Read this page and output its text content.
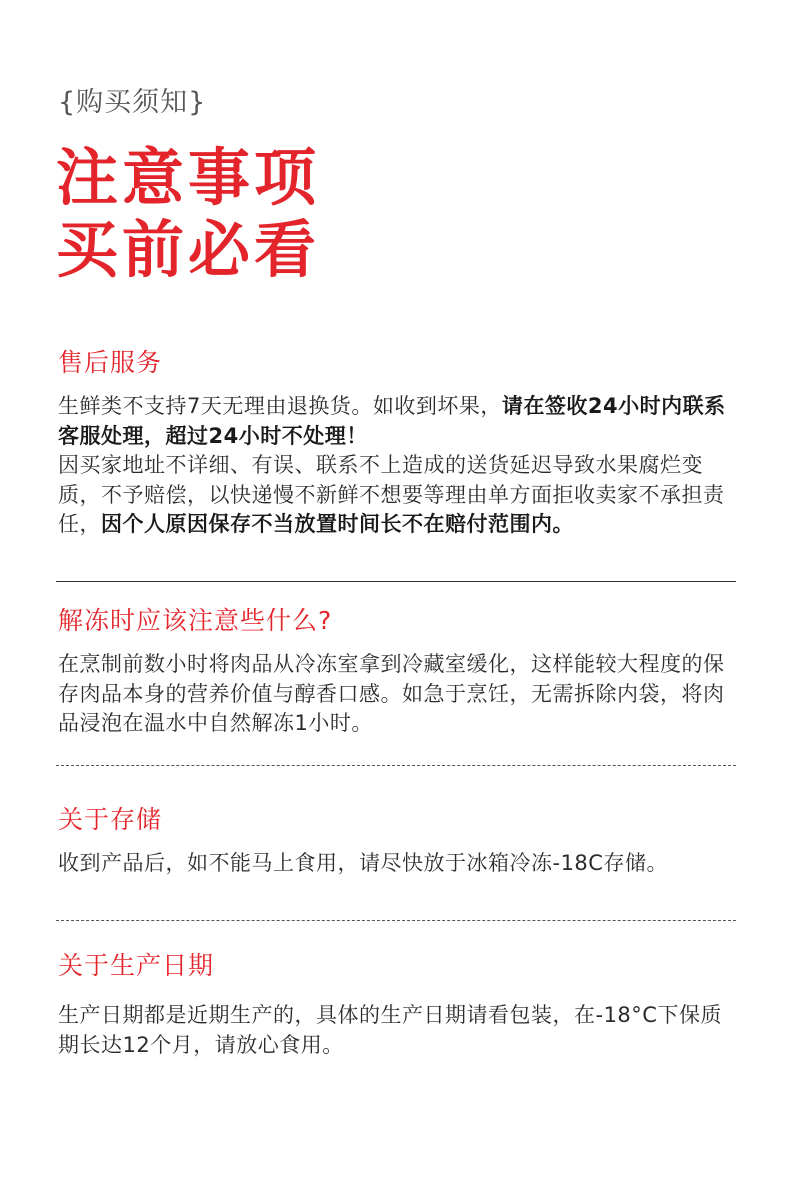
{购买须知}
注意事项
买前必看
售后服务

生鲜类不支持7天无理由退换货。如收到坏果，请在签收24小时内联系客服处理，超过24小时不处理！

因买家地址不详细、有误、联系不上造成的送货延迟导致水果腐烂变质，不予赔偿，以快递慢不新鲜不想要等理由单方面拒收卖家不承担责任，因个人原因保存不当放置时间长不在赔付范围内。

解冻时应该注意些什么?
在烹制前数小时将肉品从冷冻室拿到冷藏室缓化，这样能较大程度的保存肉品本身的营养价值与醇香口感。如急于烹饪，无需拆除内袋，将肉品浸泡在温水中自然解冻1小时。
关于存储
收到产品后，如不能马上食用，请尽快放于冰箱冷冻-18C存储。
关于生产日期
生产日期都是近期生产的，具体的生产日期请看包装，在-18°C下保质期长达12个月，请放心食用。
